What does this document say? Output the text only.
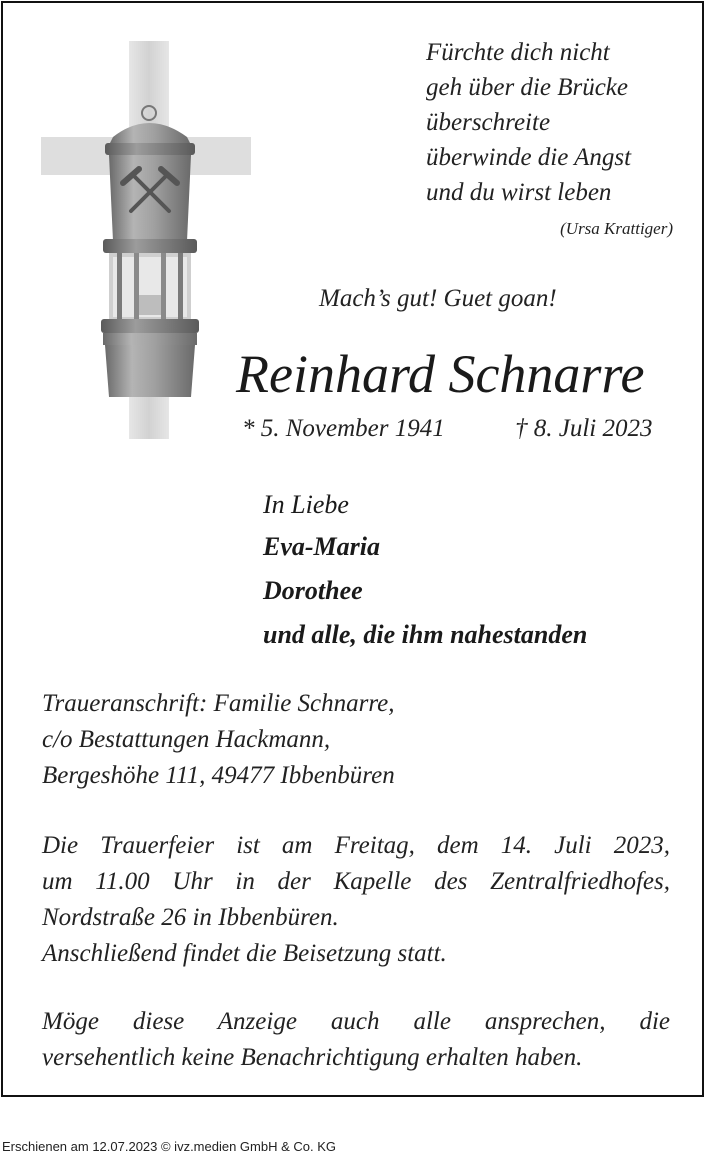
Fürchte dich nicht
geh über die Brücke
überschreite
überwinde die Angst
und du wirst leben
(Ursa Krattiger)
Mach’s gut! Guet goan!
Reinhard Schnarre
* 5. November 1941	† 8. Juli 2023
In Liebe
Eva-Maria
Dorothee
und alle, die ihm nahestanden
Traueranschrift: Familie Schnarre,
c/o Bestattungen Hackmann,
Bergeshöhe 111, 49477 Ibbenbüren
Die Trauerfeier ist am Freitag, dem 14. Juli 2023,
um 11.00 Uhr in der Kapelle des Zentralfriedhofes,
Nordstraße 26 in Ibbenbüren.
Anschließend findet die Beisetzung statt.
Möge diese Anzeige auch alle ansprechen, die
versehentlich keine Benachrichtigung erhalten haben.
Erschienen am 12.07.2023 © ivz.medien GmbH & Co. KG
